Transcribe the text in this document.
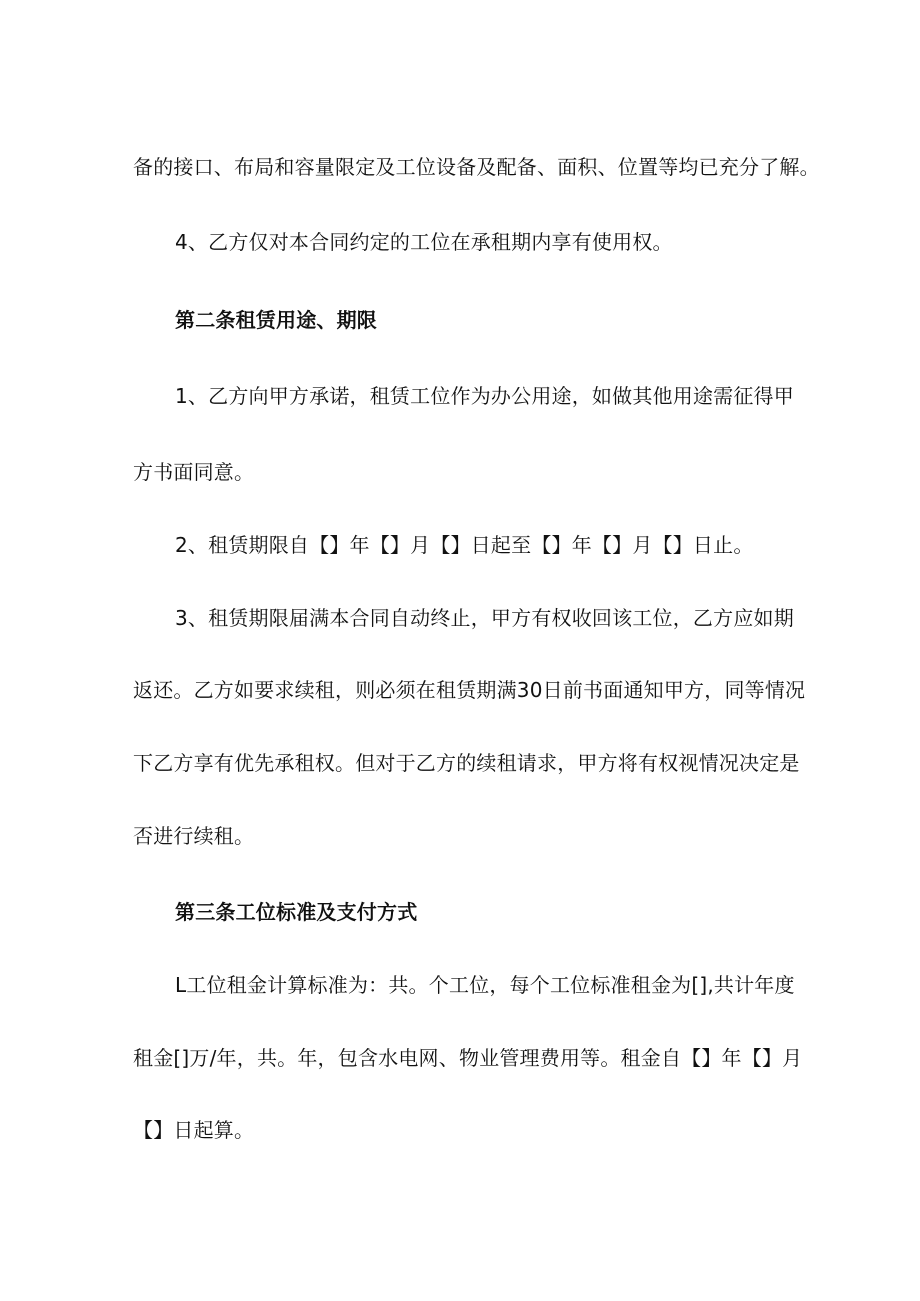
备的接口、布局和容量限定及工位设备及配备、面积、位置等均已充分了解。
4、乙方仅对本合同约定的工位在承租期内享有使用权。
第二条租赁用途、期限
1、乙方向甲方承诺，租赁工位作为办公用途，如做其他用途需征得甲
方书面同意。
2、租赁期限自【】年【】月【】日起至【】年【】月【】日止。
3、租赁期限届满本合同自动终止，甲方有权收回该工位，乙方应如期
返还。乙方如要求续租，则必须在租赁期满30日前书面通知甲方，同等情况
下乙方享有优先承租权。但对于乙方的续租请求，甲方将有权视情况决定是
否进行续租。
第三条工位标准及支付方式
L工位租金计算标准为：共。个工位，每个工位标准租金为[],共计年度
租金[]万/年，共。年，包含水电网、物业管理费用等。租金自【】年【】月
【】日起算。
